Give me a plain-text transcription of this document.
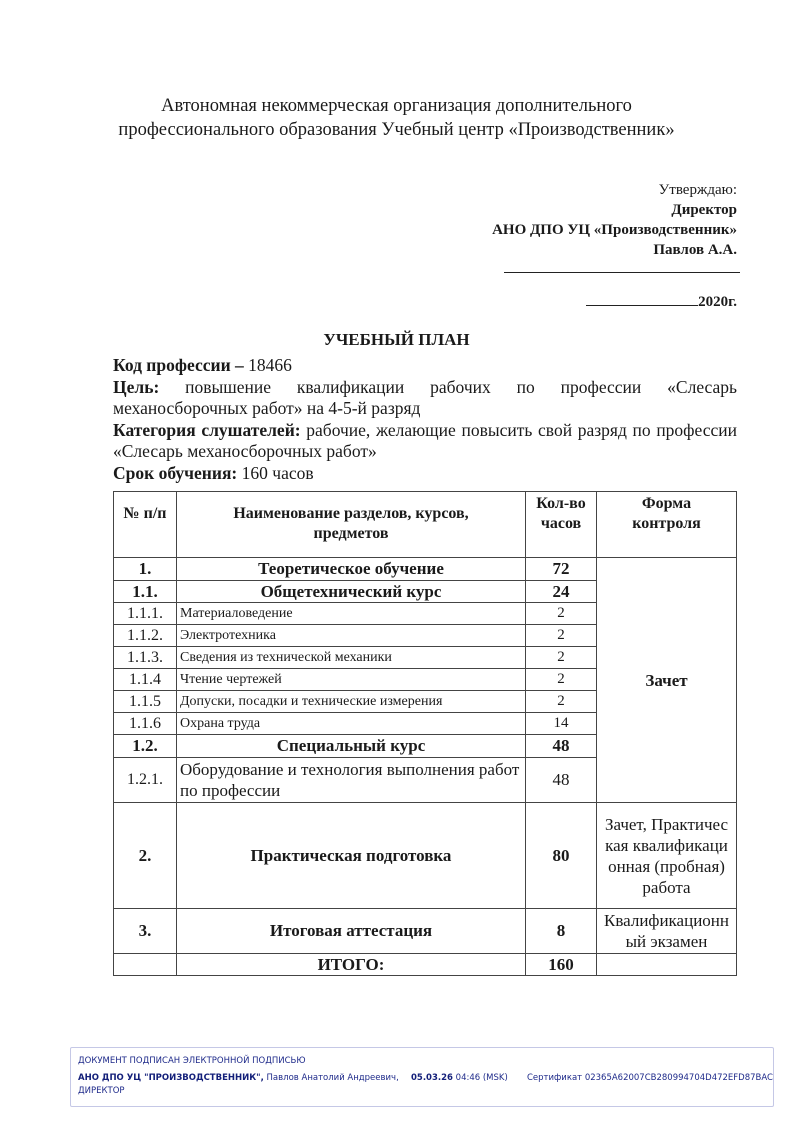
Автономная некоммерческая организация дополнительного
профессионального образования Учебный центр «Производственник»
Утверждаю:
Директор
АНО ДПО УЦ «Производственник»
Павлов А.А.
2020г.
УЧЕБНЫЙ ПЛАН

Код профессии – 18466

Цель: повышение квалификации рабочих по профессии «Слесарь механосборочных работ» на 4-5-й разряд

Категория слушателей: рабочие, желающие повысить свой разряд по профессии «Слесарь механосборочных работ»

Срок обучения: 160 часов

№ п/п	Наименование разделов, курсов, предметов	Кол-во часов	Форма контроля
1.	Теоретическое обучение	72	Зачет
1.1.	Общетехнический курс	24	
1.1.1.	Материаловедение	2	
1.1.2.	Электротехника	2	
1.1.3.	Сведения из технической механики	2	
1.1.4	Чтение чертежей	2	
1.1.5	Допуски, посадки и технические измерения	2	
1.1.6	Охрана труда	14	
1.2.	Специальный курс	48	
1.2.1.	Оборудование и технология выполнения работ по профессии	48	
2.	Практическая подготовка	80	Зачет, Практическая квалификационная (пробная) работа
3.	Итоговая аттестация	8	Квалификационный экзамен
	ИТОГО:	160	
ДОКУМЕНТ ПОДПИСАН ЭЛЕКТРОННОЙ ПОДПИСЬЮ
АНО ДПО УЦ "ПРОИЗВОДСТВЕННИК", Павлов Анатолий Андреевич,
ДИРЕКТОР
05.03.26 04:46 (MSK) Сертификат 02365A62007CB280994704D472EFD87BAC
